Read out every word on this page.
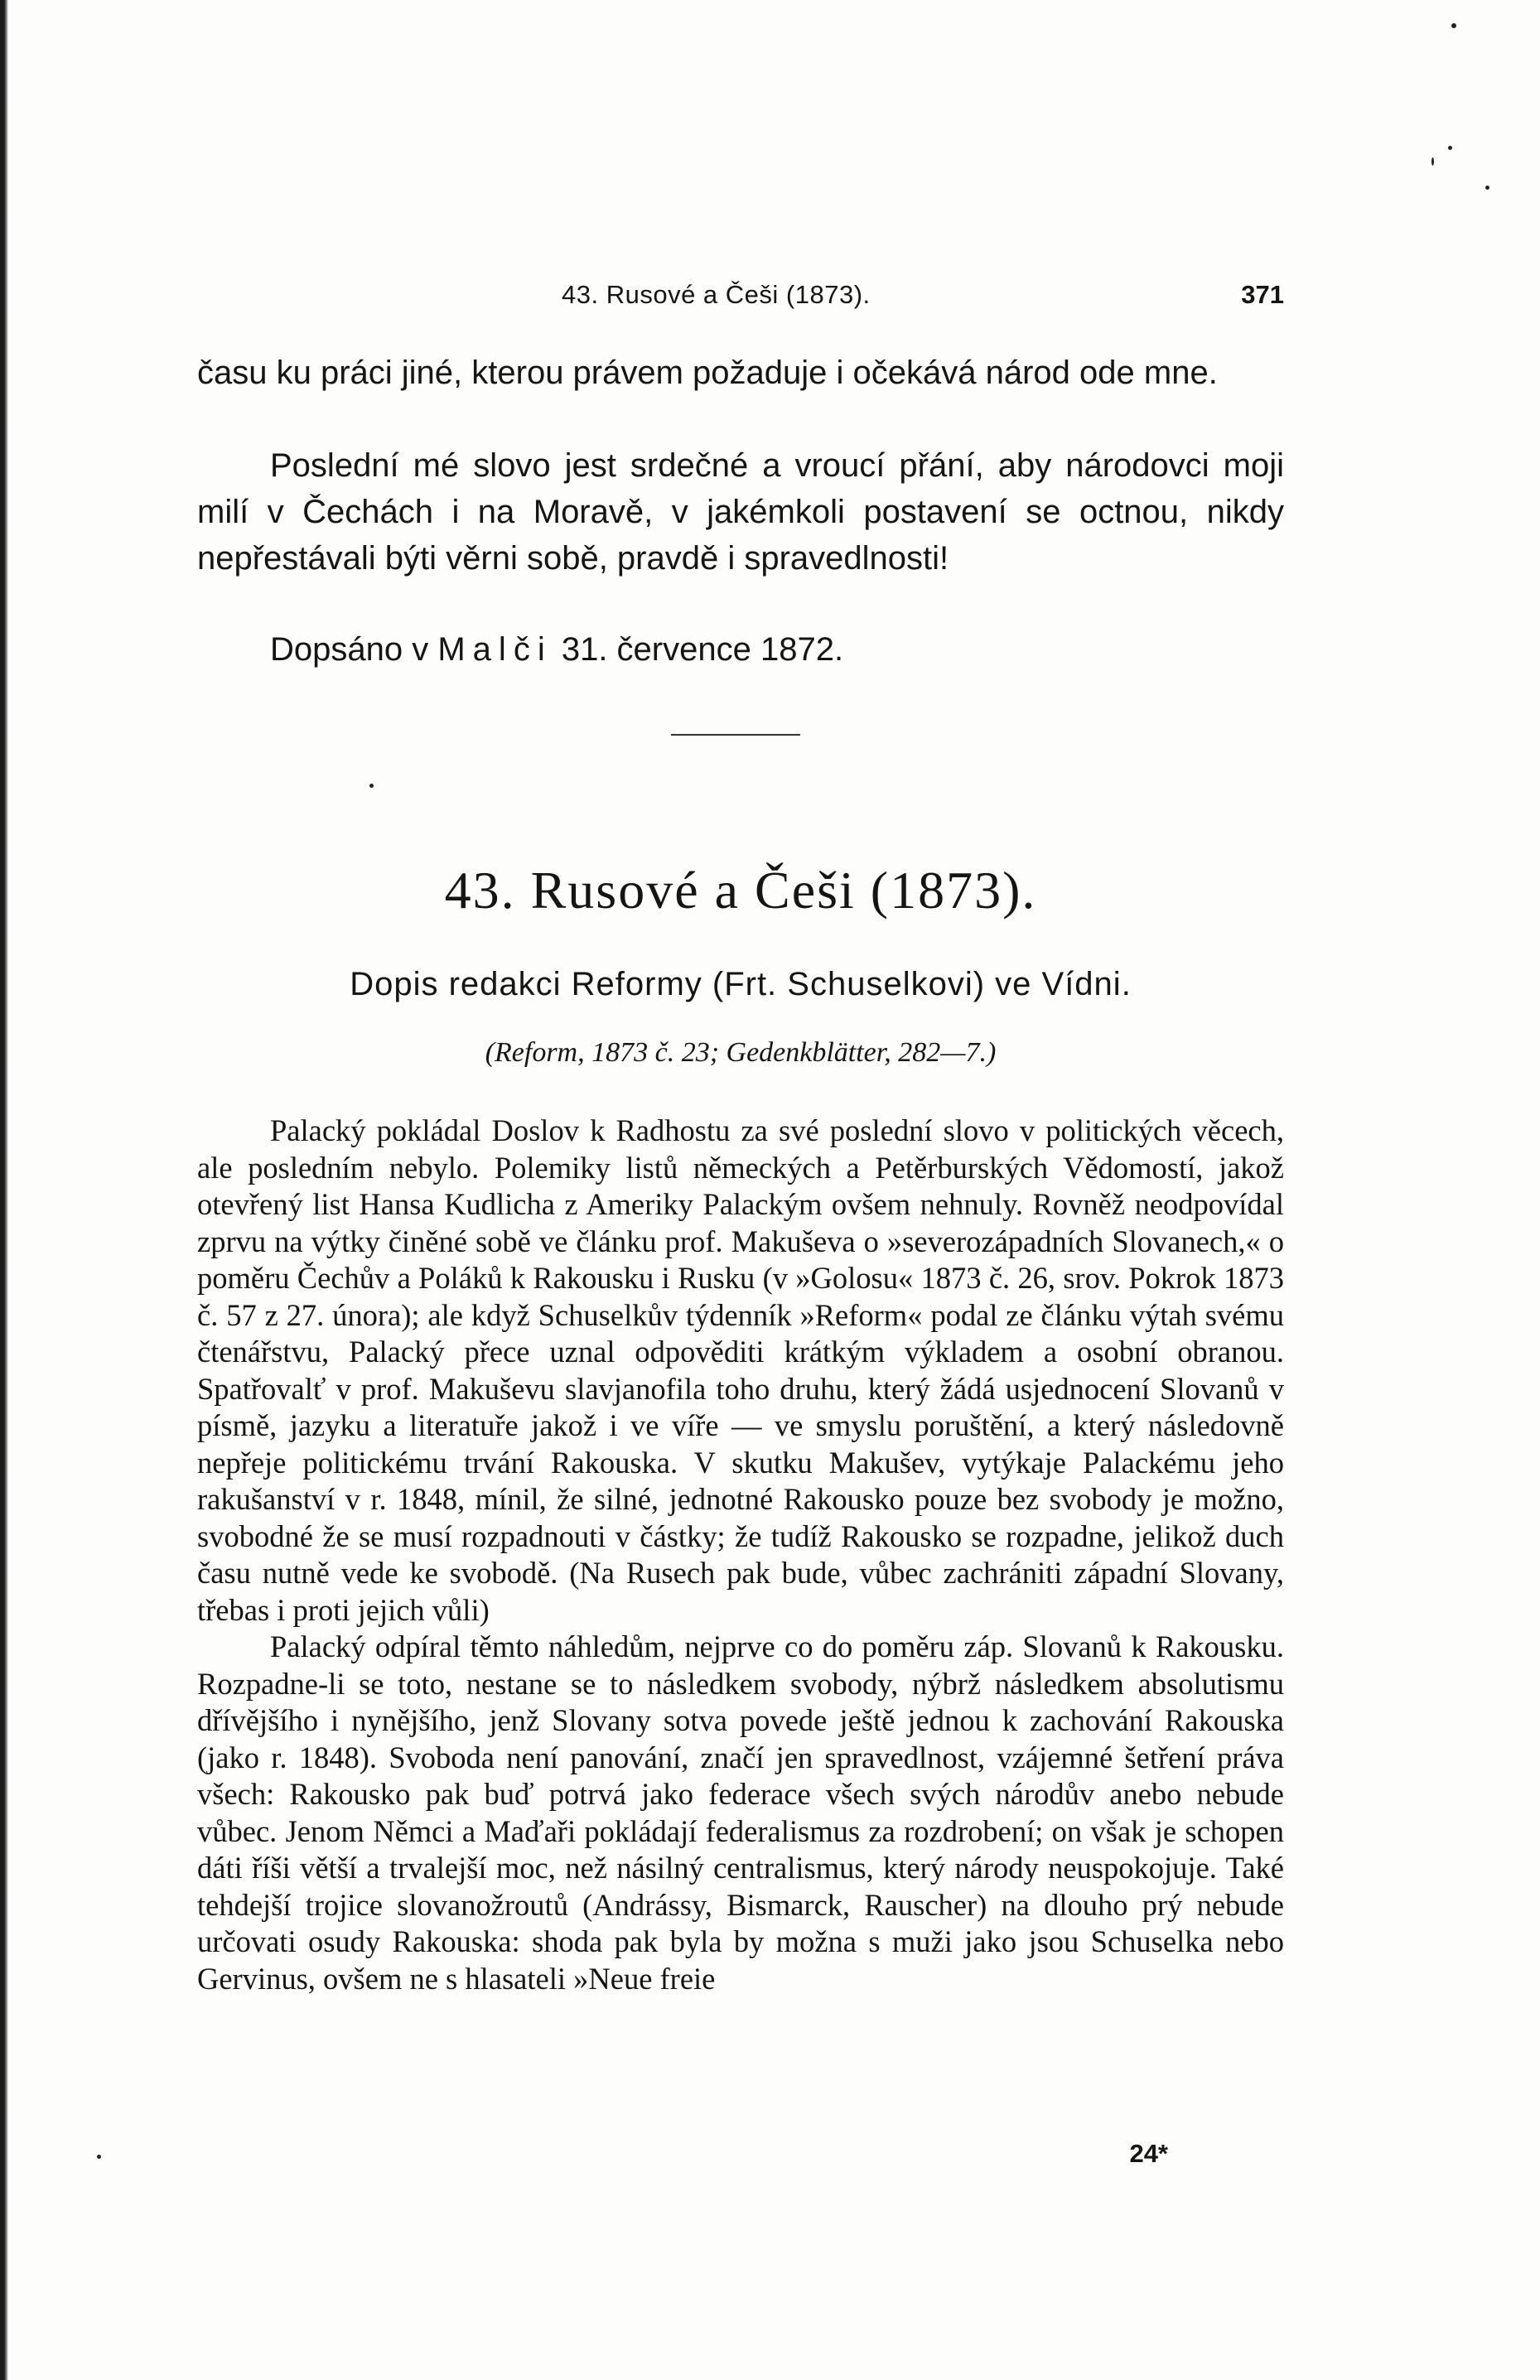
43. Rusové a Češi (1873).	371

času ku práci jiné, kterou právem požaduje i očekává národ ode mne.

Poslední mé slovo jest srdečné a vroucí přání, aby národovci moji milí v Čechách i na Moravě, v jakémkoli postavení se octnou, nikdy nepřestávali býti věrni sobě, pravdě i spravedlnosti!

Dopsáno v Malči 31. července 1872.
43. Rusové a Češi (1873).
Dopis redakci Reformy (Frt. Schuselkovi) ve Vídni.
(Reform, 1873 č. 23; Gedenkblätter, 282—7.)

Palacký pokládal Doslov k Radhostu za své poslední slovo v politických věcech, ale posledním nebylo. Polemiky listů německých a Petěrburských Vědomostí, jakož otevřený list Hansa Kudlicha z Ameriky Palackým ovšem nehnuly. Rovněž neodpovídal zprvu na výtky činěné sobě ve článku prof. Makuševa o »severozápadních Slovanech,« o poměru Čechův a Poláků k Rakousku i Rusku (v »Golosu« 1873 č. 26, srov. Pokrok 1873 č. 57 z 27. února); ale když Schuselkův týdenník »Reform« podal ze článku výtah svému čtenářstvu, Palacký přece uznal odpověditi krátkým výkladem a osobní obranou. Spatřovalť v prof. Makuševu slavjanofila toho druhu, který žádá usjednocení Slovanů v písmě, jazyku a literatuře jakož i ve víře — ve smyslu poruštění, a který následovně nepřeje politickému trvání Rakouska. V skutku Makušev, vytýkaje Palackému jeho rakušanství v r. 1848, mínil, že silné, jednotné Rakousko pouze bez svobody je možno, svobodné že se musí rozpadnouti v částky; že tudíž Rakousko se rozpadne, jelikož duch času nutně vede ke svobodě. (Na Rusech pak bude, vůbec zachrániti západní Slovany, třebas i proti jejich vůli)

Palacký odpíral těmto náhledům, nejprve co do poměru záp. Slovanů k Rakousku. Rozpadne-li se toto, nestane se to následkem svobody, nýbrž následkem absolutismu dřívějšího i nynějšího, jenž Slovany sotva povede ještě jednou k zachování Rakouska (jako r. 1848). Svoboda není panování, značí jen spravedlnost, vzájemné šetření práva všech: Rakousko pak buď potrvá jako federace všech svých národův anebo nebude vůbec. Jenom Němci a Maďaři pokládají federalismus za rozdrobení; on však je schopen dáti říši větší a trvalejší moc, než násilný centralismus, který národy neuspokojuje. Také tehdejší trojice slovanožroutů (Andrássy, Bismarck, Rauscher) na dlouho prý nebude určovati osudy Rakouska: shoda pak byla by možna s muži jako jsou Schuselka nebo Gervinus, ovšem ne s hlasateli »Neue freie

24*
